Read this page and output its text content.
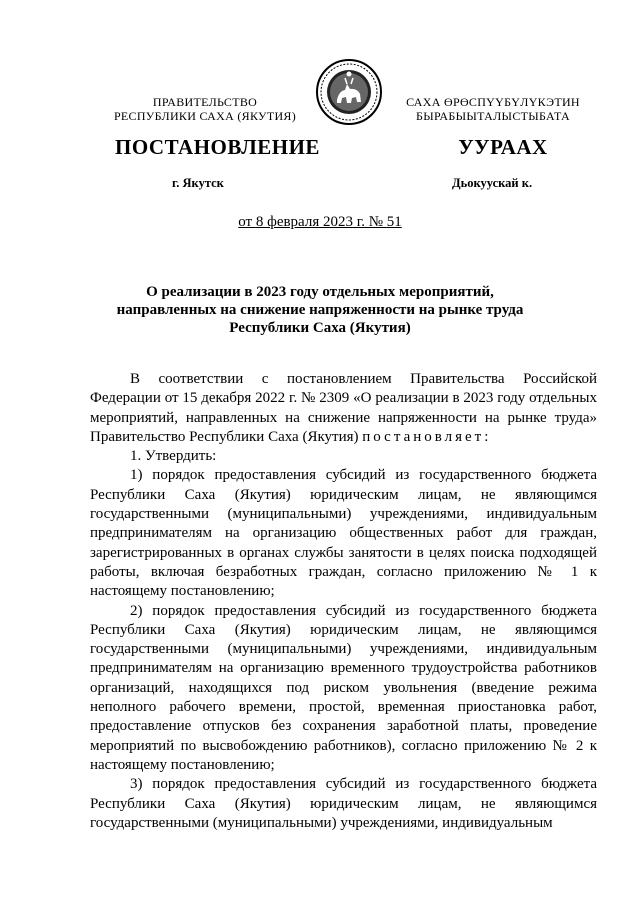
ПРАВИТЕЛЬСТВО
РЕСПУБЛИКИ САХА (ЯКУТИЯ)
САХА ӨРӨСПҮҮБҮЛҮКЭТИН
БЫРАБЫЫТАЛЫСТЫБАТА
ПОСТАНОВЛЕНИЕ	УУРААХ
г. Якутск	Дьокуускай к.
от 8 февраля 2023 г. № 51
О реализации в 2023 году отдельных мероприятий,
направленных на снижение напряженности на рынке труда
Республики Саха (Якутия)

В соответствии с постановлением Правительства Российской Федерации от 15 декабря 2022 г. № 2309 «О реализации в 2023 году отдельных мероприятий, направленных на снижение напряженности на рынке труда» Правительство Республики Саха (Якутия) постановляет:

1. Утвердить:

1) порядок предоставления субсидий из государственного бюджета Республики Саха (Якутия) юридическим лицам, не являющимся государственными (муниципальными) учреждениями, индивидуальным предпринимателям на организацию общественных работ для граждан, зарегистрированных в органах службы занятости в целях поиска подходящей работы, включая безработных граждан, согласно приложению № 1 к настоящему постановлению;

2) порядок предоставления субсидий из государственного бюджета Республики Саха (Якутия) юридическим лицам, не являющимся государственными (муниципальными) учреждениями, индивидуальным предпринимателям на организацию временного трудоустройства работников организаций, находящихся под риском увольнения (введение режима неполного рабочего времени, простой, временная приостановка работ, предоставление отпусков без сохранения заработной платы, проведение мероприятий по высвобождению работников), согласно приложению № 2 к настоящему постановлению;

3) порядок предоставления субсидий из государственного бюджета Республики Саха (Якутия) юридическим лицам, не являющимся государственными (муниципальными) учреждениями, индивидуальным
